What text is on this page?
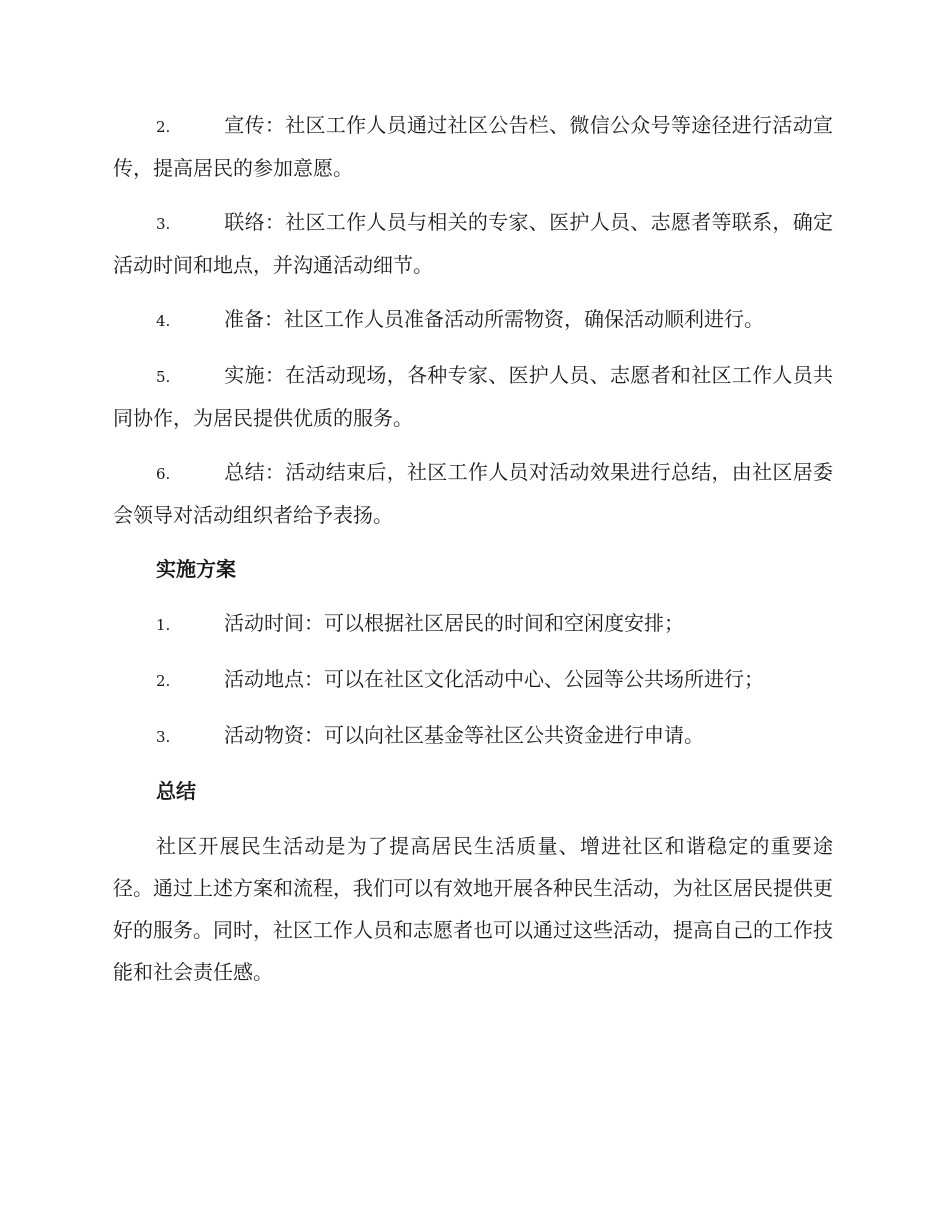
2.	宣传：社区工作人员通过社区公告栏、微信公众号等途径进行活动宣传，提高居民的参加意愿。

3.	联络：社区工作人员与相关的专家、医护人员、志愿者等联系，确定活动时间和地点，并沟通活动细节。

4.	准备：社区工作人员准备活动所需物资，确保活动顺利进行。

5.	实施：在活动现场，各种专家、医护人员、志愿者和社区工作人员共同协作，为居民提供优质的服务。

6.	总结：活动结束后，社区工作人员对活动效果进行总结，由社区居委会领导对活动组织者给予表扬。

实施方案

1.	活动时间：可以根据社区居民的时间和空闲度安排；

2.	活动地点：可以在社区文化活动中心、公园等公共场所进行；

3.	活动物资：可以向社区基金等社区公共资金进行申请。

总结

社区开展民生活动是为了提高居民生活质量、增进社区和谐稳定的重要途径。通过上述方案和流程，我们可以有效地开展各种民生活动，为社区居民提供更好的服务。同时，社区工作人员和志愿者也可以通过这些活动，提高自己的工作技能和社会责任感。
